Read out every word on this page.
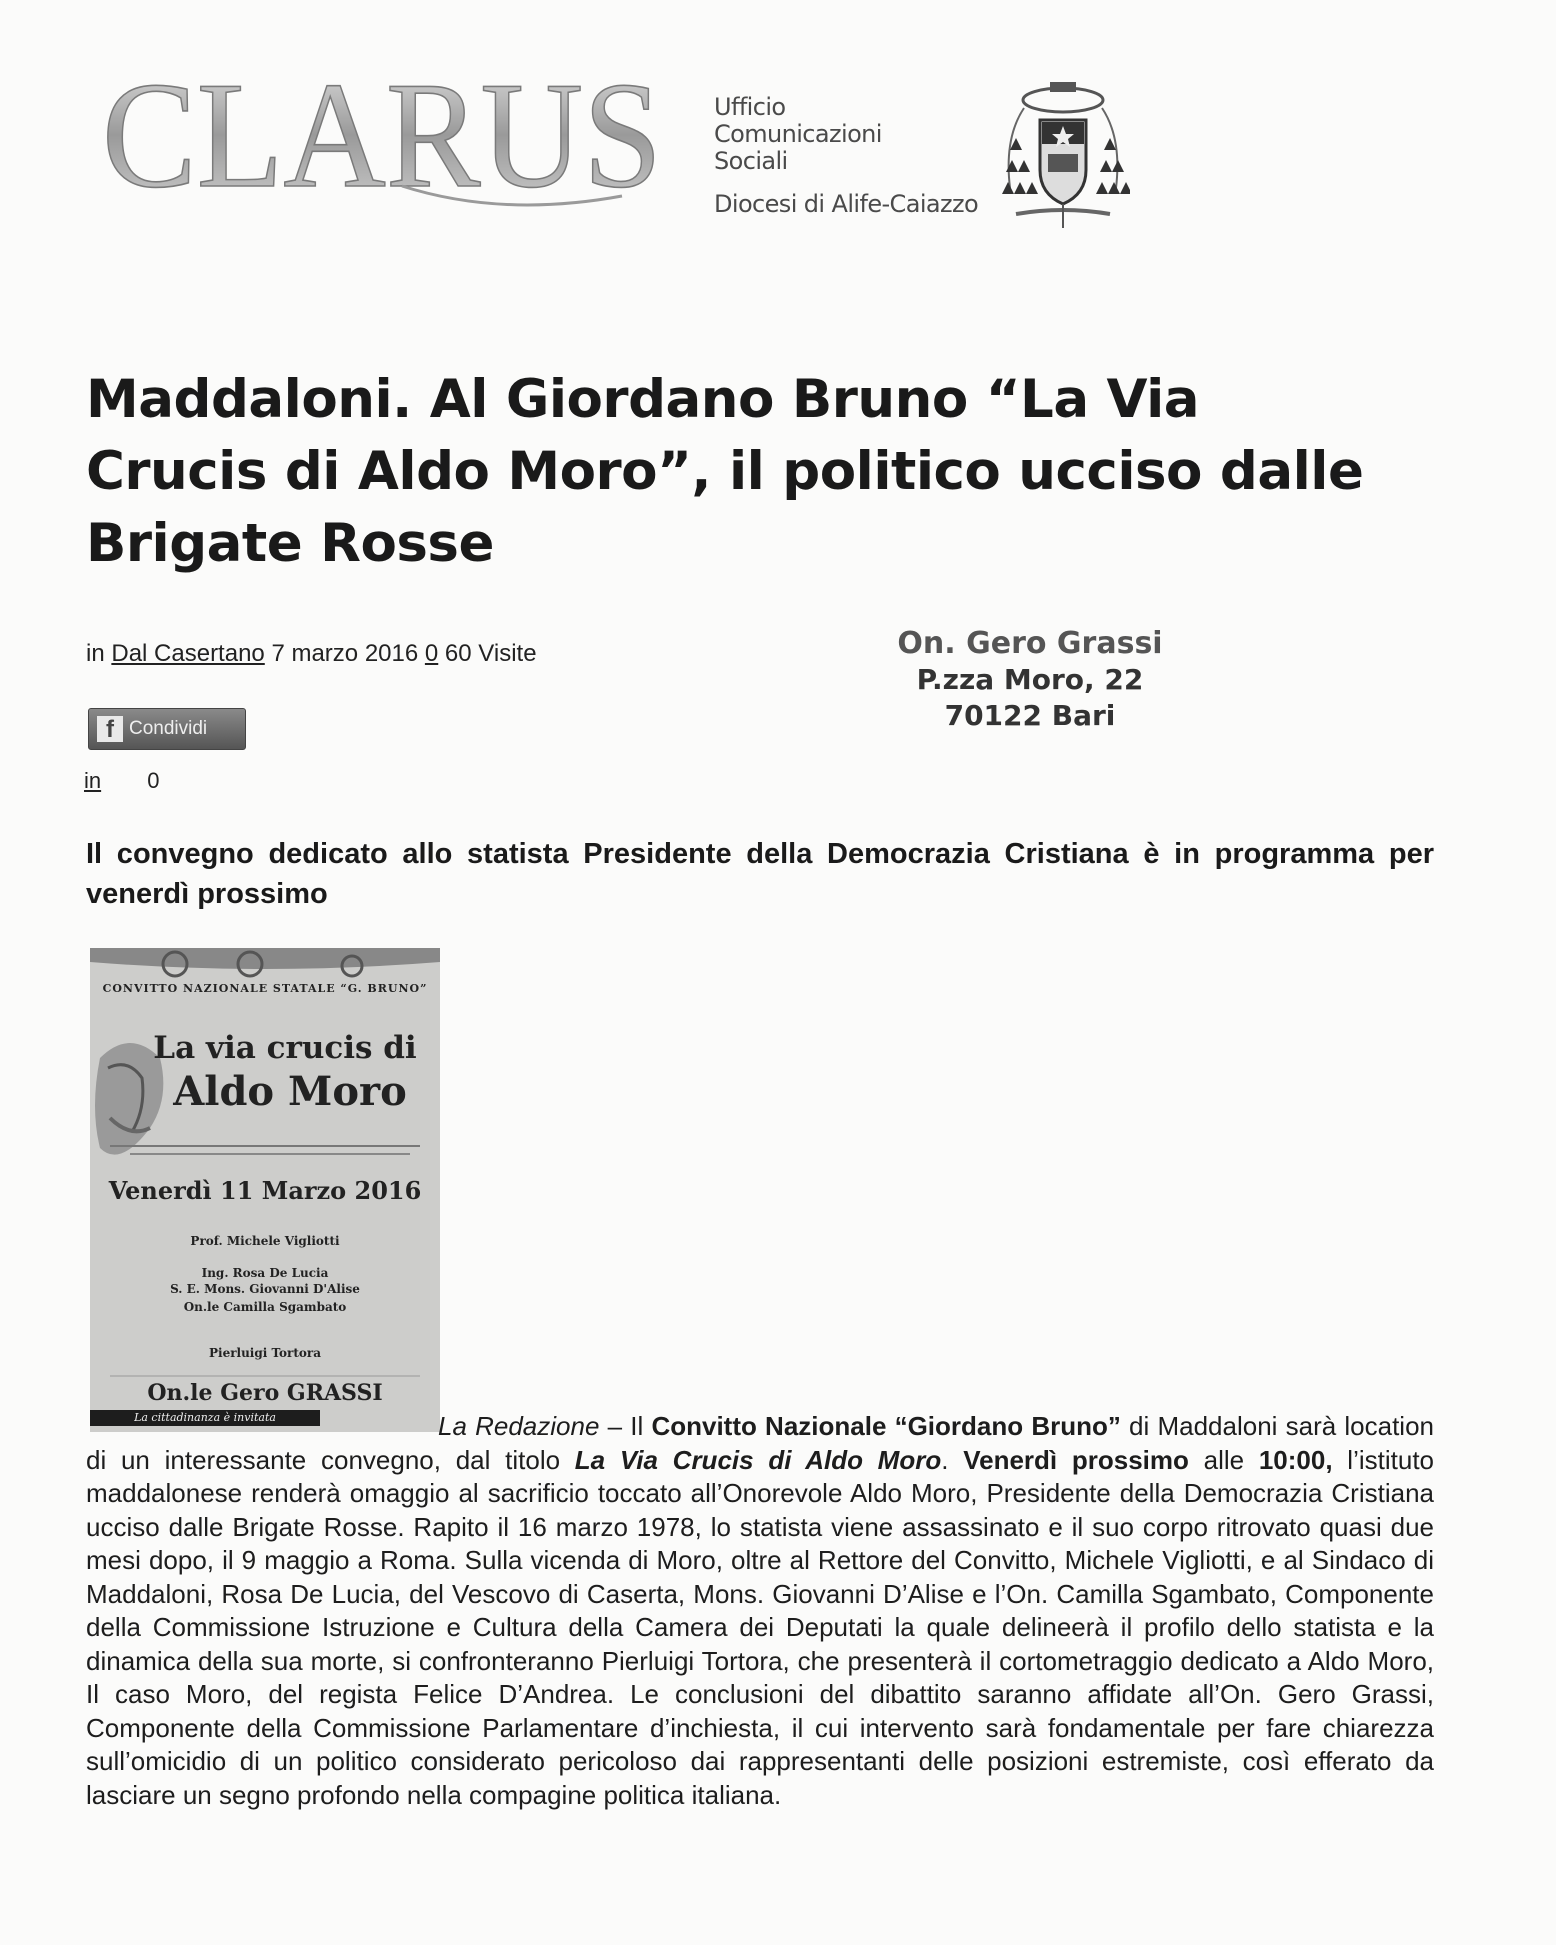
CLARUS Ufficio
Comunicazioni
Sociali
Diocesi di Alife-Caiazzo
Maddaloni. Al Giordano Bruno “La Via Crucis di Aldo Moro”, il politico ucciso dalle Brigate Rosse
in Dal Casertano 7 marzo 2016 0 60 Visite
f Condividi
in 0
On. Gero Grassi
P.zza Moro, 22
70122 Bari

Il convegno dedicato allo statista Presidente della Democrazia Cristiana è in programma per venerdì prossimo

CONVITTO NAZIONALE STATALE “G. BRUNO”
La via crucis di
Aldo Moro
Venerdì 11 Marzo 2016
Prof. Michele Vigliotti
Ing. Rosa De Lucia
S. E. Mons. Giovanni D'Alise
On.le Camilla Sgambato
Pierluigi Tortora
On.le Gero GRASSI
La cittadinanza è invitata	La Redazione – Il Convitto Nazionale “Giordano Bruno” di Maddaloni sarà location di un interessante convegno, dal titolo La Via Crucis di Aldo Moro. Venerdì prossimo alle 10:00, l’istituto maddalonese renderà omaggio al sacrificio toccato all’Onorevole Aldo Moro, Presidente della Democrazia Cristiana ucciso dalle Brigate Rosse. Rapito il 16 marzo 1978, lo statista viene assassinato e il suo corpo ritrovato quasi due mesi dopo, il 9 maggio a Roma. Sulla vicenda di Moro, oltre al Rettore del Convitto, Michele Vigliotti, e al Sindaco di Maddaloni, Rosa De Lucia, del Vescovo di Caserta, Mons. Giovanni D’Alise e l’On. Camilla Sgambato, Componente della Commissione Istruzione e Cultura della Camera dei Deputati la quale delineerà il profilo dello statista e la dinamica della sua morte, si confronteranno Pierluigi Tortora, che presenterà il cortometraggio dedicato a Aldo Moro, Il caso Moro, del regista Felice D’Andrea. Le conclusioni del dibattito saranno affidate all’On. Gero Grassi, Componente della Commissione Parlamentare d’inchiesta, il cui intervento sarà fondamentale per fare chiarezza sull’omicidio di un politico considerato pericoloso dai rappresentanti delle posizioni estremiste, così efferato da lasciare un segno profondo nella compagine politica italiana.
